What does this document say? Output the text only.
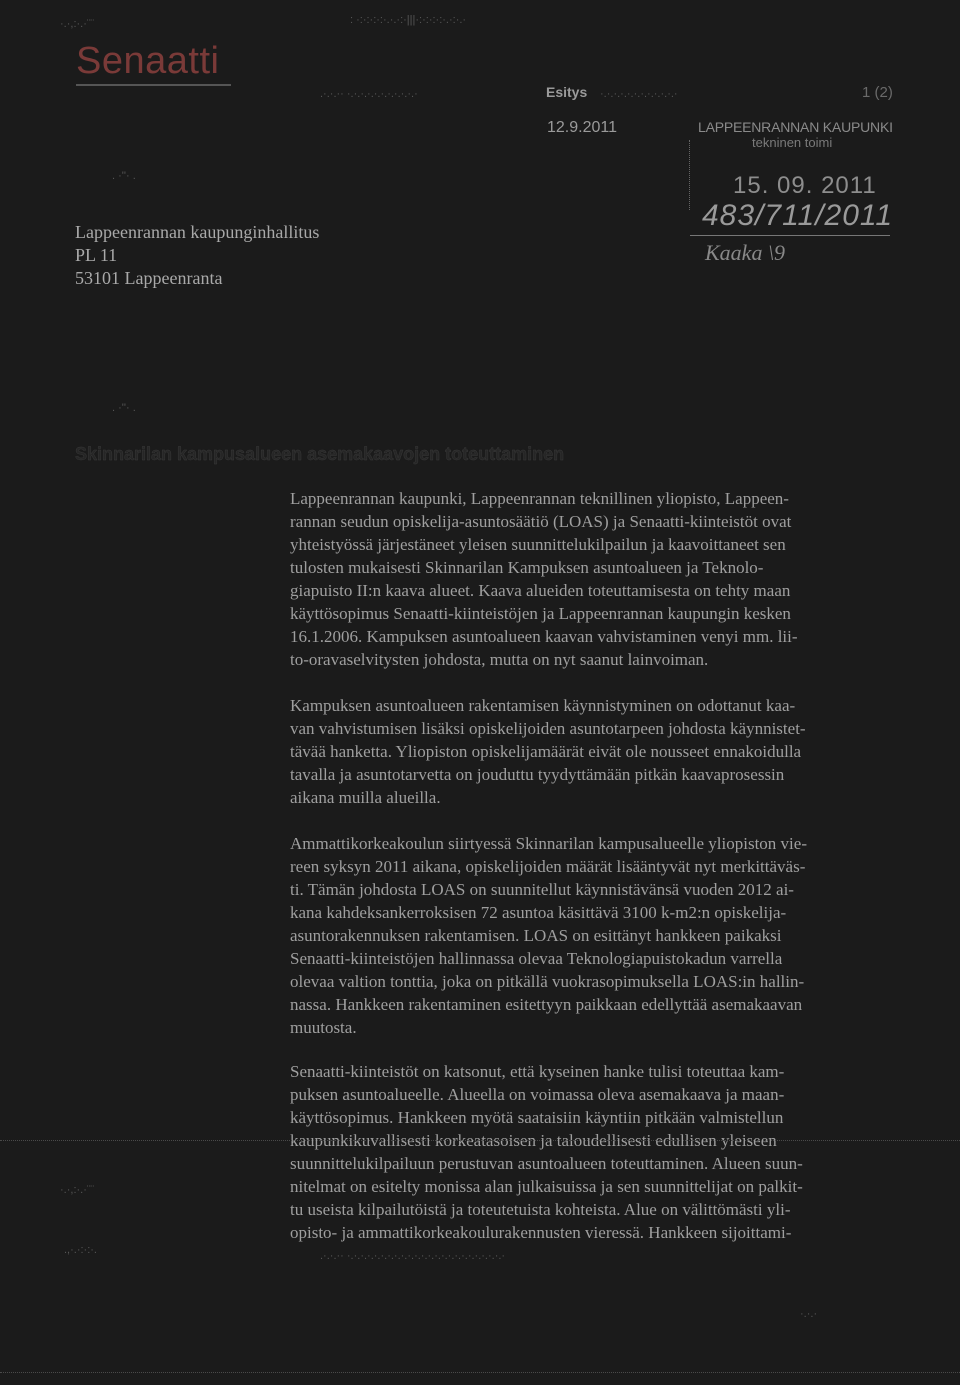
Senaatti
Esitys	1 (2)
12.9.2011
·.·,:·.·¨¨	: ·:·:·:·:·.·.·:·|||·:·:·:·:·.·:·.·
.·.·.·· ·.·.·.·.·.·.·.·.·.·.·	·.·.·.·.·.·.·.·.·.·.·.·
. ·''· .
LAPPEENRANNAN KAUPUNKI
tekninen toimi
15. 09. 2011
483/711/2011
Kaaka \9
Lappeenrannan kaupunginhallitus
PL 11
53101 Lappeenranta
. ·''· .
Skinnarilan kampusalueen asemakaavojen toteuttaminen
Lappeenrannan kaupunki, Lappeenrannan teknillinen yliopisto, Lappeen-
rannan seudun opiskelija-asuntosäätiö (LOAS) ja Senaatti-kiinteistöt ovat
yhteistyössä järjestäneet yleisen suunnittelukilpailun ja kaavoittaneet sen
tulosten mukaisesti Skinnarilan Kampuksen asuntoalueen ja Teknolo-
giapuisto II:n kaava alueet. Kaava alueiden toteuttamisesta on tehty maan
käyttösopimus Senaatti-kiinteistöjen ja Lappeenrannan kaupungin kesken
16.1.2006. Kampuksen asuntoalueen kaavan vahvistaminen venyi mm. lii-
to-oravaselvitysten johdosta, mutta on nyt saanut lainvoiman.
Kampuksen asuntoalueen rakentamisen käynnistyminen on odottanut kaa-
van vahvistumisen lisäksi opiskelijoiden asuntotarpeen johdosta käynnistet-
tävää hanketta. Yliopiston opiskelijamäärät eivät ole nousseet ennakoidulla
tavalla ja asuntotarvetta on jouduttu tyydyttämään pitkän kaavaprosessin
aikana muilla alueilla.
Ammattikorkeakoulun siirtyessä Skinnarilan kampusalueelle yliopiston vie-
reen syksyn 2011 aikana, opiskelijoiden määrät lisääntyvät nyt merkittäväs-
ti. Tämän johdosta LOAS on suunnitellut käynnistävänsä vuoden 2012 ai-
kana kahdeksankerroksisen 72 asuntoa käsittävä 3100 k-m2:n opiskelija-
asuntorakennuksen rakentamisen. LOAS on esittänyt hankkeen paikaksi
Senaatti-kiinteistöjen hallinnassa olevaa Teknologiapuistokadun varrella
olevaa valtion tonttia, joka on pitkällä vuokrasopimuksella LOAS:in hallin-
nassa. Hankkeen rakentaminen esitettyyn paikkaan edellyttää asemakaavan
muutosta.
Senaatti-kiinteistöt on katsonut, että kyseinen hanke tulisi toteuttaa kam-
puksen asuntoalueelle. Alueella on voimassa oleva asemakaava ja maan-
käyttösopimus. Hankkeen myötä saataisiin käyntiin pitkään valmistellun
kaupunkikuvallisesti korkeatasoisen ja taloudellisesti edullisen yleiseen
suunnittelukilpailuun perustuvan asuntoalueen toteuttaminen. Alueen suun-
nitelmat on esitelty monissa alan julkaisuissa ja sen suunnittelijat on palkit-
tu useista kilpailutöistä ja toteutetuista kohteista. Alue on välittömästi yli-
opisto- ja ammattikorkeakoulurakennusten vieressä. Hankkeen sijoittami-
·.·,:·.·¨¨
.,·.·:·:·.	.·.·.·· ·.·.·.·.·.·.·.·.·.·.·.·.·.·.·.·.·.·.·.·.·.·.·.·
·.·.·
